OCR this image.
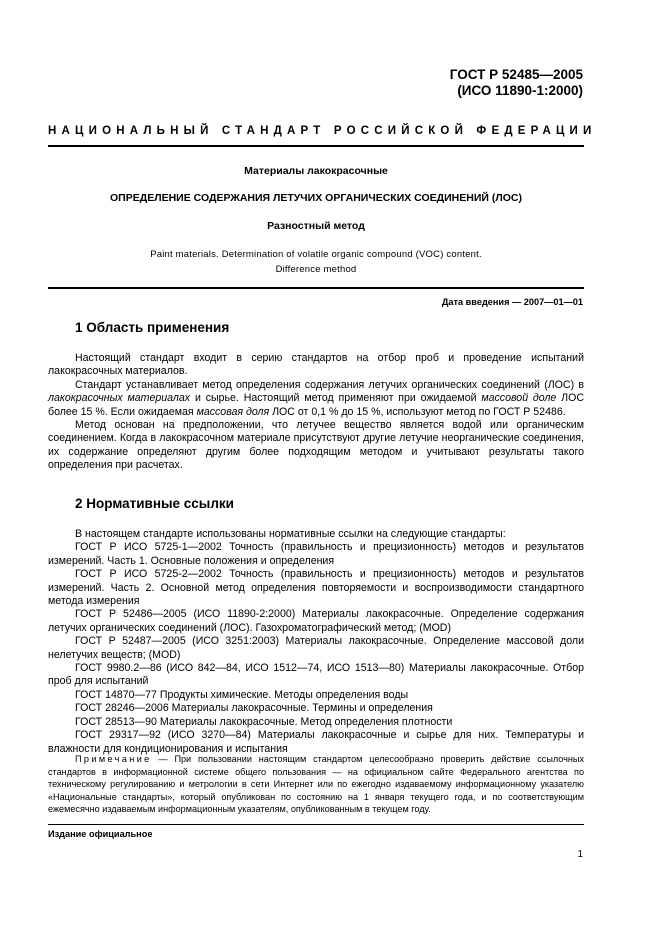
ГОСТ Р 52485—2005
(ИСО 11890-1:2000)
НАЦИОНАЛЬНЫЙ СТАНДАРТ РОССИЙСКОЙ ФЕДЕРАЦИИ
Материалы лакокрасочные
ОПРЕДЕЛЕНИЕ СОДЕРЖАНИЯ ЛЕТУЧИХ ОРГАНИЧЕСКИХ СОЕДИНЕНИЙ (ЛОС)
Разностный метод
Paint materials. Determination of volatile organic compound (VOC) content.
Difference method
Дата введения — 2007—01—01
1 Область применения

Настоящий стандарт входит в серию стандартов на отбор проб и проведение испытаний лакокрасочных материалов.

Стандарт устанавливает метод определения содержания летучих органических соединений (ЛОС) в лакокрасочных материалах и сырье. Настоящий метод применяют при ожидаемой массовой доле ЛОС более 15 %. Если ожидаемая массовая доля ЛОС от 0,1 % до 15 %, используют метод по ГОСТ Р 52486.

Метод основан на предположении, что летучее вещество является водой или органическим соединением. Когда в лакокрасочном материале присутствуют другие летучие неорганические соединения, их содержание определяют другим более подходящим методом и учитывают результаты такого определения при расчетах.

2 Нормативные ссылки

В настоящем стандарте использованы нормативные ссылки на следующие стандарты:

ГОСТ Р ИСО 5725-1—2002 Точность (правильность и прецизионность) методов и результатов измерений. Часть 1. Основные положения и определения

ГОСТ Р ИСО 5725-2—2002 Точность (правильность и прецизионность) методов и результатов измерений. Часть 2. Основной метод определения повторяемости и воспроизводимости стандартного метода измерения

ГОСТ Р 52486—2005 (ИСО 11890-2:2000) Материалы лакокрасочные. Определение содержания летучих органических соединений (ЛОС). Газохроматографический метод; (MOD)

ГОСТ Р 52487—2005 (ИСО 3251:2003) Материалы лакокрасочные. Определение массовой доли нелетучих веществ; (MOD)

ГОСТ 9980.2—86 (ИСО 842—84, ИСО 1512—74, ИСО 1513—80) Материалы лакокрасочные. Отбор проб для испытаний

ГОСТ 14870—77 Продукты химические. Методы определения воды

ГОСТ 28246—2006 Материалы лакокрасочные. Термины и определения

ГОСТ 28513—90 Материалы лакокрасочные. Метод определения плотности

ГОСТ 29317—92 (ИСО 3270—84) Материалы лакокрасочные и сырье для них. Температуры и влажности для кондиционирования и испытания

Примечание — При пользовании настоящим стандартом целесообразно проверить действие ссылочных стандартов в информационной системе общего пользования — на официальном сайте Федерального агентства по техническому регулированию и метрологии в сети Интернет или по ежегодно издаваемому информационному указателю «Национальные стандарты», который опубликован по состоянию на 1 января текущего года, и по соответствующим ежемесячно издаваемым информационным указателям, опубликованным в текущем году.

Издание официальное
1
